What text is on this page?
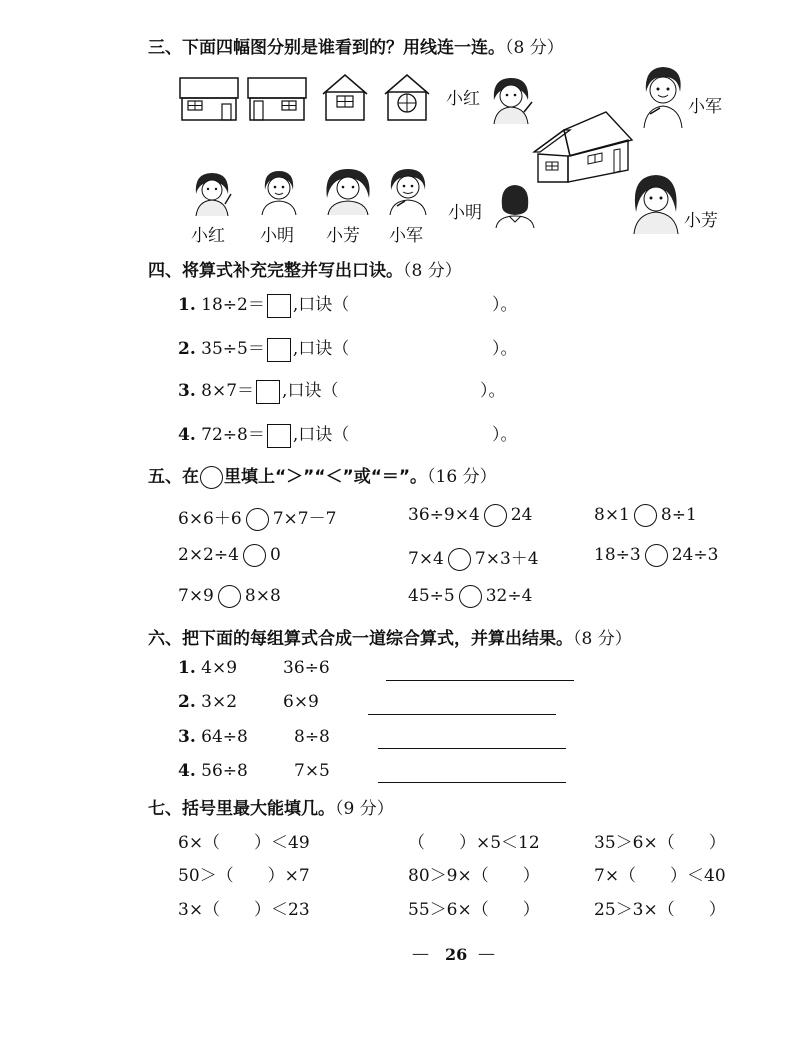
三、下面四幅图分别是谁看到的？用线连一连。（8 分）
小红	小军
小明	小芳
小红 小明 小芳 小军
四、将算式补充完整并写出口诀。（8 分）
1. 18÷2＝ ,口诀（	）。
2. 35÷5＝ ,口诀（	）。
3. 8×7＝ ,口诀（	）。
4. 72÷8＝ ,口诀（	）。
五、在 里填上“＞”“＜”或“＝”。（16 分）
6×6＋6 7×7－7	36÷9×4 24	8×1 8÷1
2×2÷4 0	7×4 7×3＋4	18÷3 24÷3
7×9 8×8	45÷5 32÷4
六、把下面的每组算式合成一道综合算式，并算出结果。（8 分）
1. 4×9	36÷6
2. 3×2	6×9
3. 64÷8	8÷8
4. 56÷8	7×5
七、括号里最大能填几。（9 分）
6×（　　）＜49	（　　）×5＜12	35＞6×（　　）
50＞（　　）×7	80＞9×（　　）	7×（　　）＜40
3×（　　）＜23	55＞6×（　　）	25＞3×（　　）
— 26 —
